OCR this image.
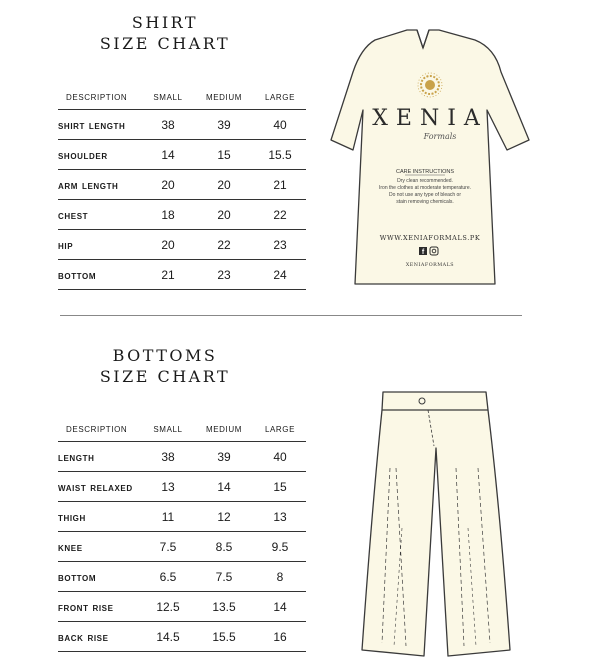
SHIRT
SIZE CHART
description	small	medium	large
shirt length	38	39	40
shoulder	14	15	15.5
arm length	20	20	21
chest	18	20	22
hip	20	22	23
bottom	21	23	24
XENIA
Formals
CARE INSTRUCTIONS
Dry clean recommended.
Iron the clothes at moderate temperature.
Do not use any type of bleach or
stain removing chemicals.
WWW.XENIAFORMALS.PK
f
XENIAFORMALS
BOTTOMS
SIZE CHART
description	small	medium	large
length	38	39	40
waist relaxed	13	14	15
thigh	11	12	13
knee	7.5	8.5	9.5
bottom	6.5	7.5	8
front rise	12.5	13.5	14
back rise	14.5	15.5	16
